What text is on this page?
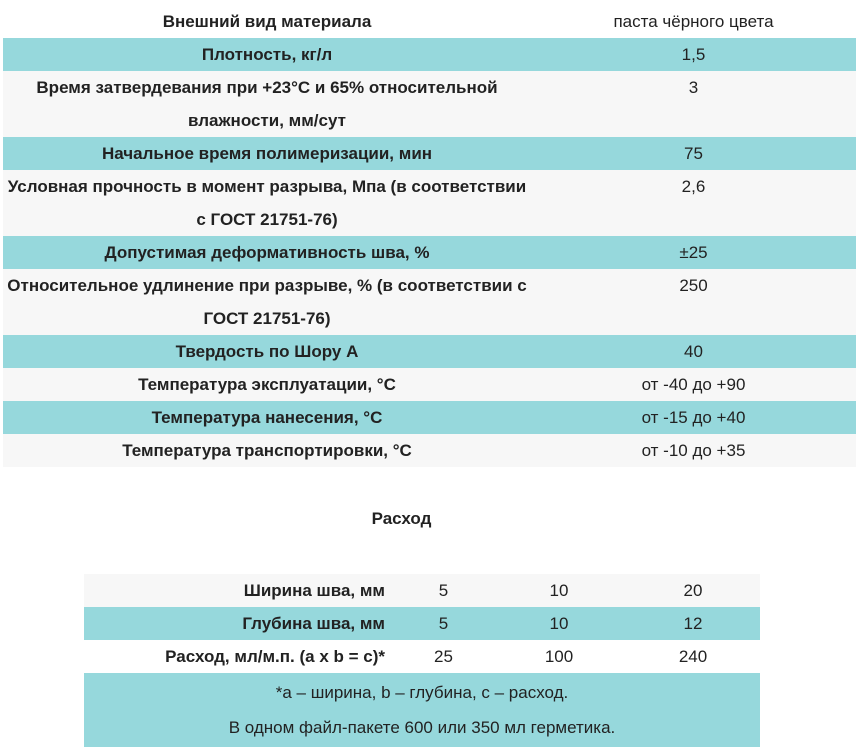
Внешний вид материала	паста чёрного цвета
Плотность, кг/л	1,5
Время затвердевания при +23°С и 65% относительной влажности, мм/сут	3
Начальное время полимеризации, мин	75
Условная прочность в момент разрыва, Мпа (в соответствии с ГОСТ 21751-76)	2,6
Допустимая деформативность шва, %	±25
Относительное удлинение при разрыве, % (в соответствии с ГОСТ 21751-76)	250
Твердость по Шору А	40
Температура эксплуатации, °С	от -40 до +90
Температура нанесения, °С	от -15 до +40
Температура транспортировки, °С	от -10 до +35
Расход
Ширина шва, мм	5	10	20
Глубина шва, мм	5	10	12
Расход, мл/м.п. (a x b = c)*	25	100	240

*a – ширина, b – глубина, c – расход.
В одном файл-пакете 600 или 350 мл герметика.			
